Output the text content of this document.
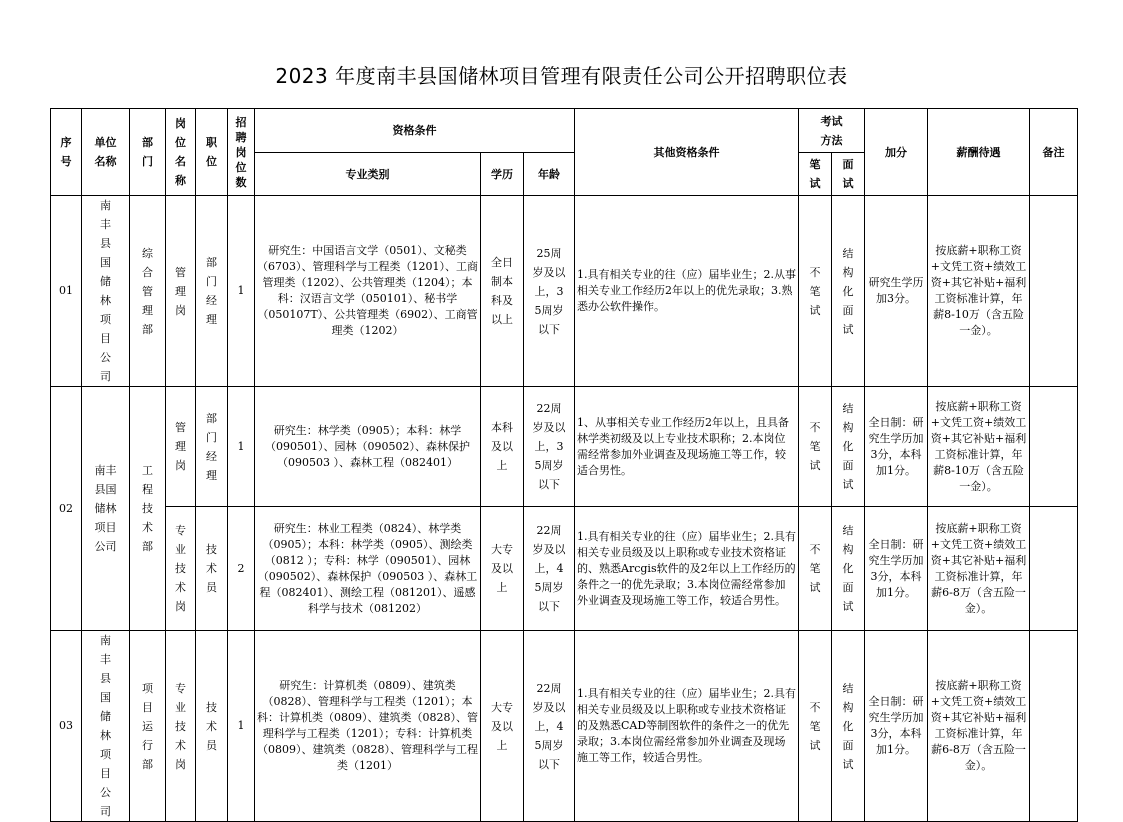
2023 年度南丰县国储林项目管理有限责任公司公开招聘职位表
序号	单位名称	部门	岗位名称	职位	招聘岗位数	资格条件			其他资格条件	考试方法		加分	薪酬待遇	备注
						专业类别	学历	年龄		笔试	面试			
01	南丰县国储林项目公司	综合管理部	管理岗	部门经理	1	研究生：中国语言文学（0501）、文秘类（6703）、管理科学与工程类（1201）、工商管理类（1202）、公共管理类（1204）；本科：汉语言文学（050101）、秘书学（050107T）、公共管理类（6902）、工商管理类（1202）	全日制本科及以上	25周岁及以上，35周岁以下	1.具有相关专业的往（应）届毕业生；2.从事相关专业工作经历2年以上的优先录取；3.熟悉办公软件操作。	不笔试	结构化面试	研究生学历加3分。	按底薪+职称工资+文凭工资+绩效工资+其它补贴+福利工资标准计算，年薪8-10万（含五险一金）。	
02	南丰县国储林项目公司	工程技术部	管理岗	部门经理	1	研究生：林学类（0905）；本科：林学（090501）、园林（090502）、森林保护（090503 ）、森林工程（082401）	本科及以上	22周岁及以上，35周岁以下	1、从事相关专业工作经历2年以上，且具备林学类初级及以上专业技术职称；2.本岗位需经常参加外业调查及现场施工等工作，较适合男性。	不笔试	结构化面试	全日制：研究生学历加3分，本科加1分。	按底薪+职称工资+文凭工资+绩效工资+其它补贴+福利工资标准计算，年薪8-10万（含五险一金）。	
			专业技术岗	技术员	2	研究生：林业工程类（0824）、林学类（0905）；本科：林学类（0905）、测绘类（0812 ）；专科：林学（090501）、园林（090502）、森林保护（090503 ）、森林工程（082401）、测绘工程（081201）、遥感科学与技术（081202）	大专及以上	22周岁及以上，45周岁以下	1.具有相关专业的往（应）届毕业生；2.具有相关专业员级及以上职称或专业技术资格证的、熟悉Arcgis软件的及2年以上工作经历的条件之一的优先录取；3.本岗位需经常参加外业调查及现场施工等工作，较适合男性。	不笔试	结构化面试	全日制：研究生学历加3分，本科加1分。	按底薪+职称工资+文凭工资+绩效工资+其它补贴+福利工资标准计算，年薪6-8万（含五险一金）。	
03	南丰县国储林项目公司	项目运行部	专业技术岗	技术员	1	研究生：计算机类（0809）、建筑类（0828）、管理科学与工程类（1201）；本科：计算机类（0809）、建筑类（0828）、管理科学与工程类（1201）；专科：计算机类（0809）、建筑类（0828）、管理科学与工程类（1201）	大专及以上	22周岁及以上，45周岁以下	1.具有相关专业的往（应）届毕业生；2.具有相关专业员级及以上职称或专业技术资格证的及熟悉CAD等制图软件的条件之一的优先录取；3.本岗位需经常参加外业调查及现场施工等工作，较适合男性。	不笔试	结构化面试	全日制：研究生学历加3分，本科加1分。	按底薪+职称工资+文凭工资+绩效工资+其它补贴+福利工资标准计算，年薪6-8万（含五险一金）。	
